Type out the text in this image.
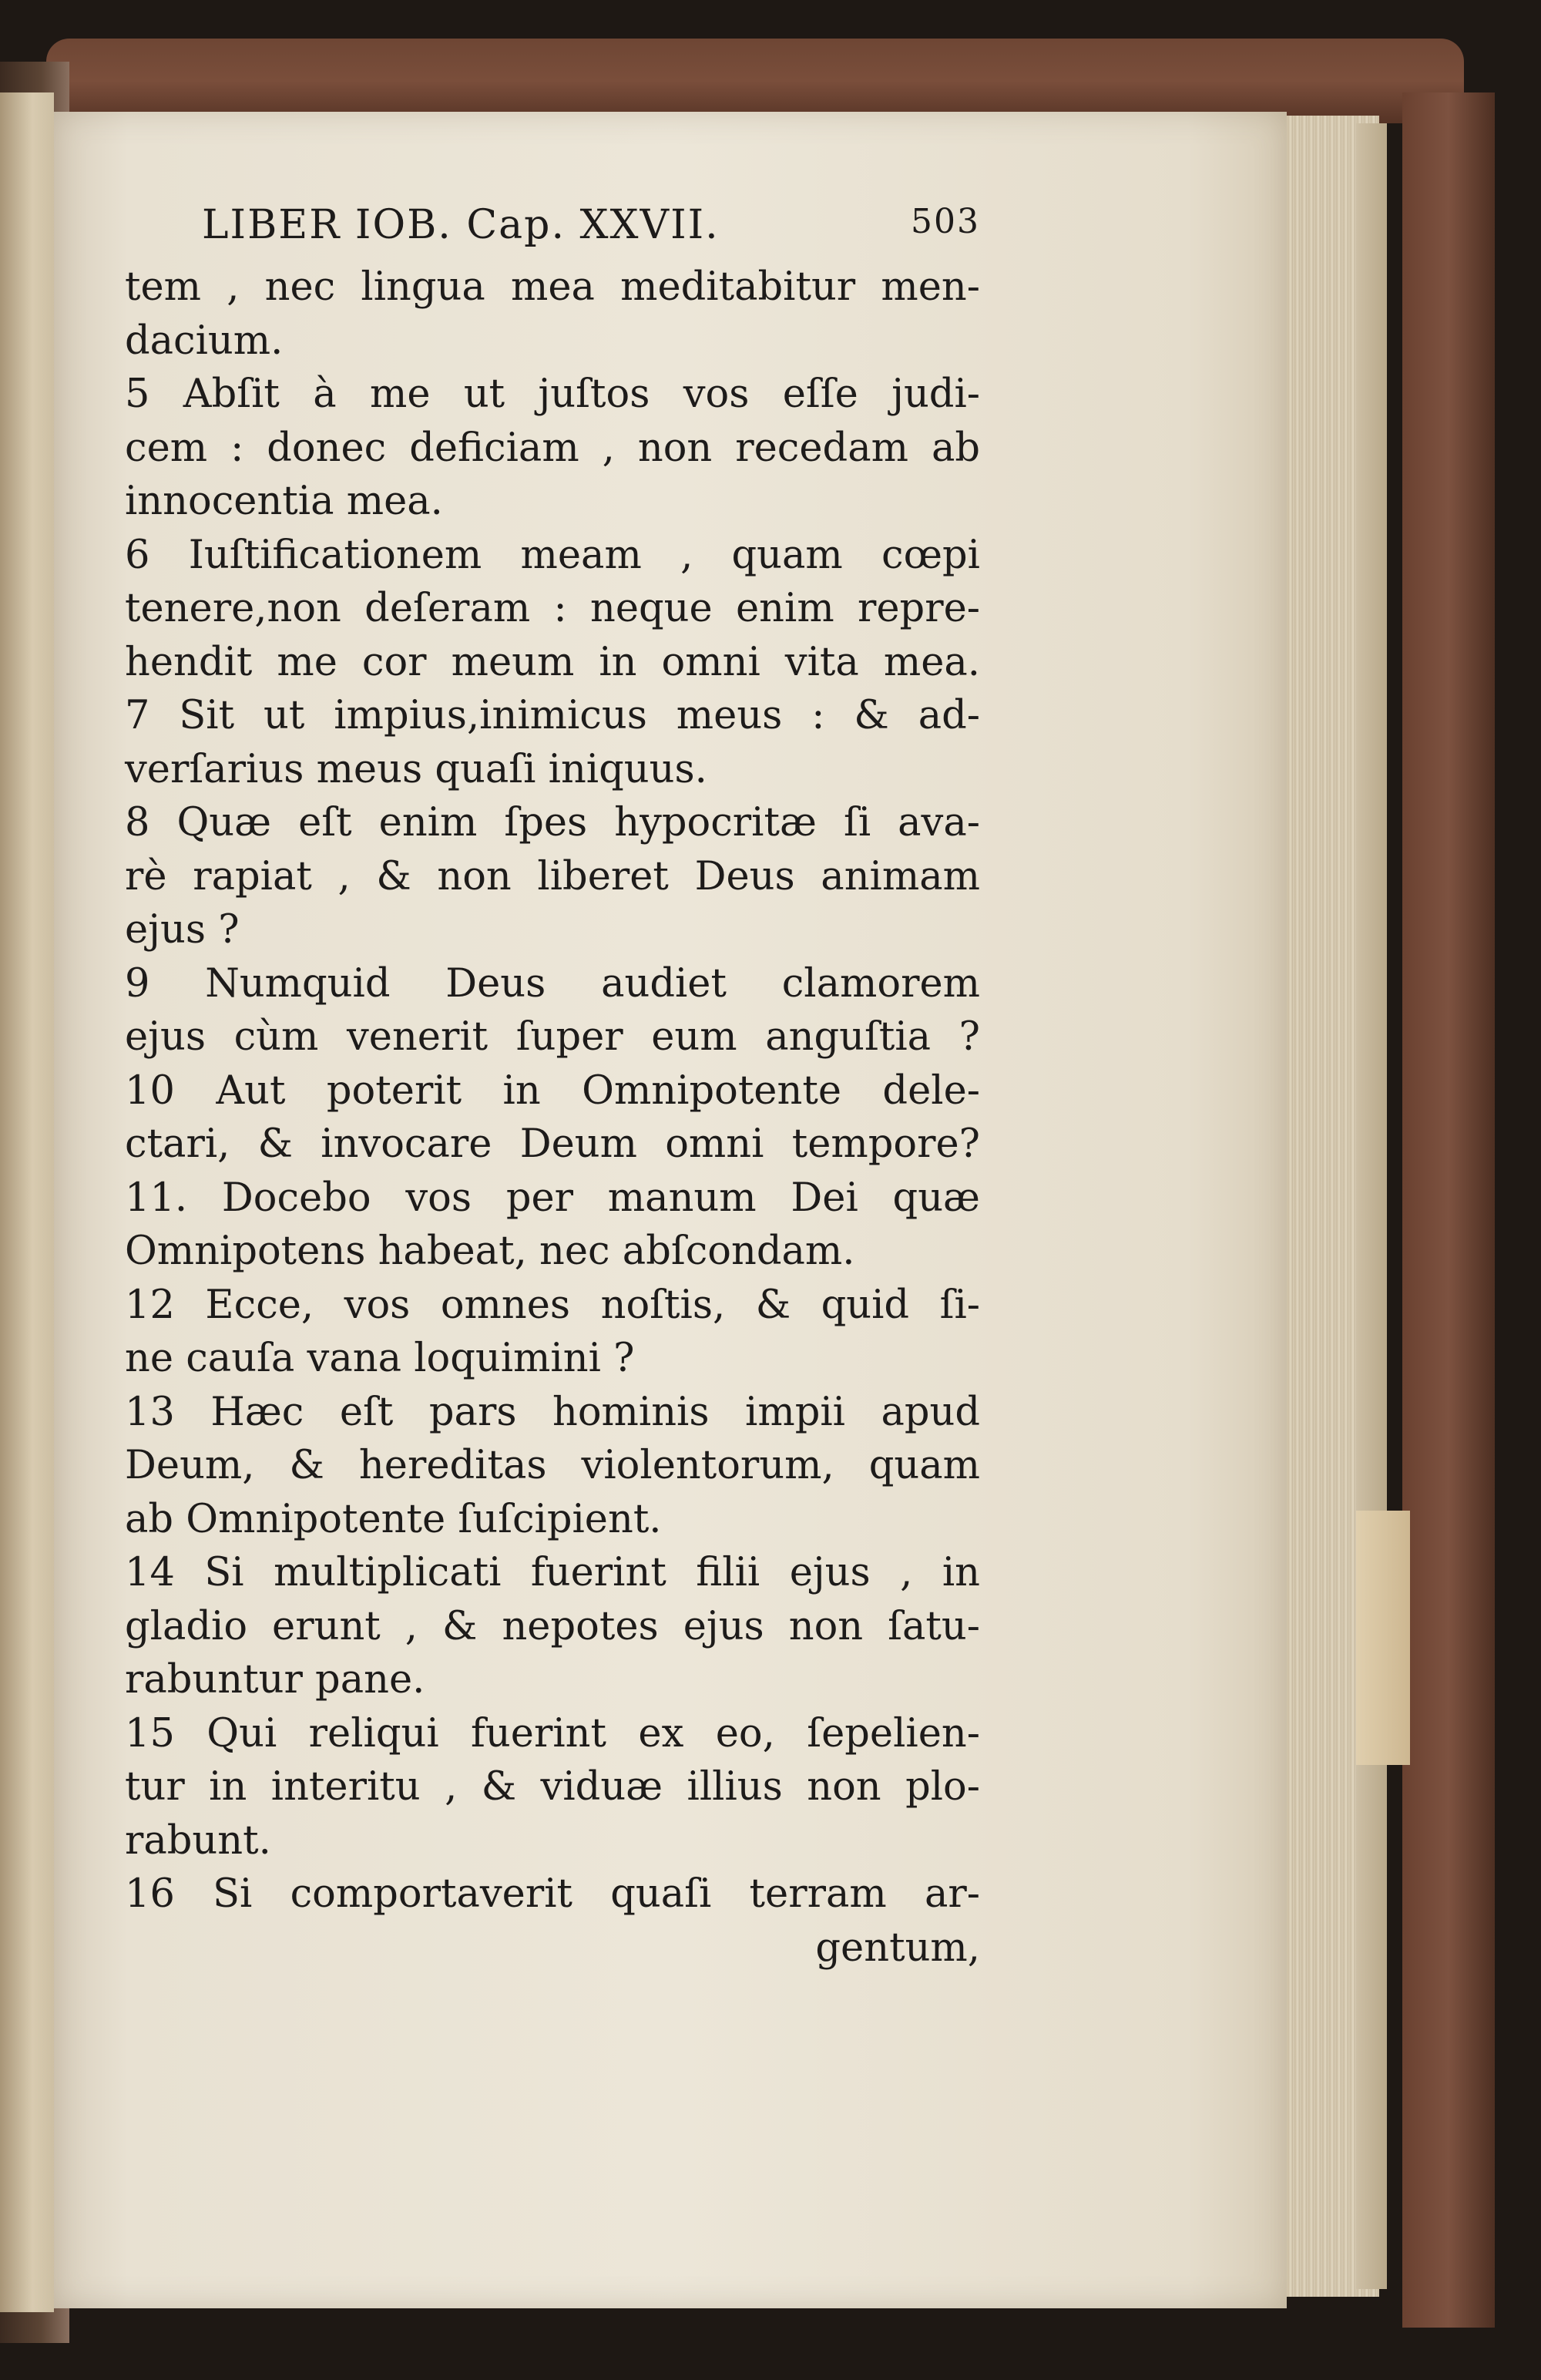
LIBER IOB. Cap. XXVII.	503
tem , nec lingua mea meditabitur men-
dacium.
5 Abſit à me ut juſtos vos eſſe judi-
cem : donec deficiam , non recedam ab
innocentia mea.
6 Iuſtificationem meam , quam cœpi
tenere,non deſeram : neque enim repre-
hendit me cor meum in omni vita mea.
7 Sit ut impius,inimicus meus : & ad-
verſarius meus quaſi iniquus.
8 Quæ eſt enim ſpes hypocritæ ſi ava-
rè rapiat , & non liberet Deus animam
ejus ?
9 Numquid Deus audiet clamorem
ejus cùm venerit ſuper eum anguſtia ?
10 Aut poterit in Omnipotente dele-
ctari, & invocare Deum omni tempore?
11. Docebo vos per manum Dei quæ
Omnipotens habeat, nec abſcondam.
12 Ecce, vos omnes noſtis, & quid ſi-
ne cauſa vana loquimini ?
13 Hæc eſt pars hominis impii apud
Deum, & hereditas violentorum, quam
ab Omnipotente ſuſcipient.
14 Si multiplicati fuerint filii ejus , in
gladio erunt , & nepotes ejus non ſatu-
rabuntur pane.
15 Qui reliqui fuerint ex eo, ſepelien-
tur in interitu , & viduæ illius non plo-
rabunt.
16 Si comportaverit quaſi terram ar-
gentum,
